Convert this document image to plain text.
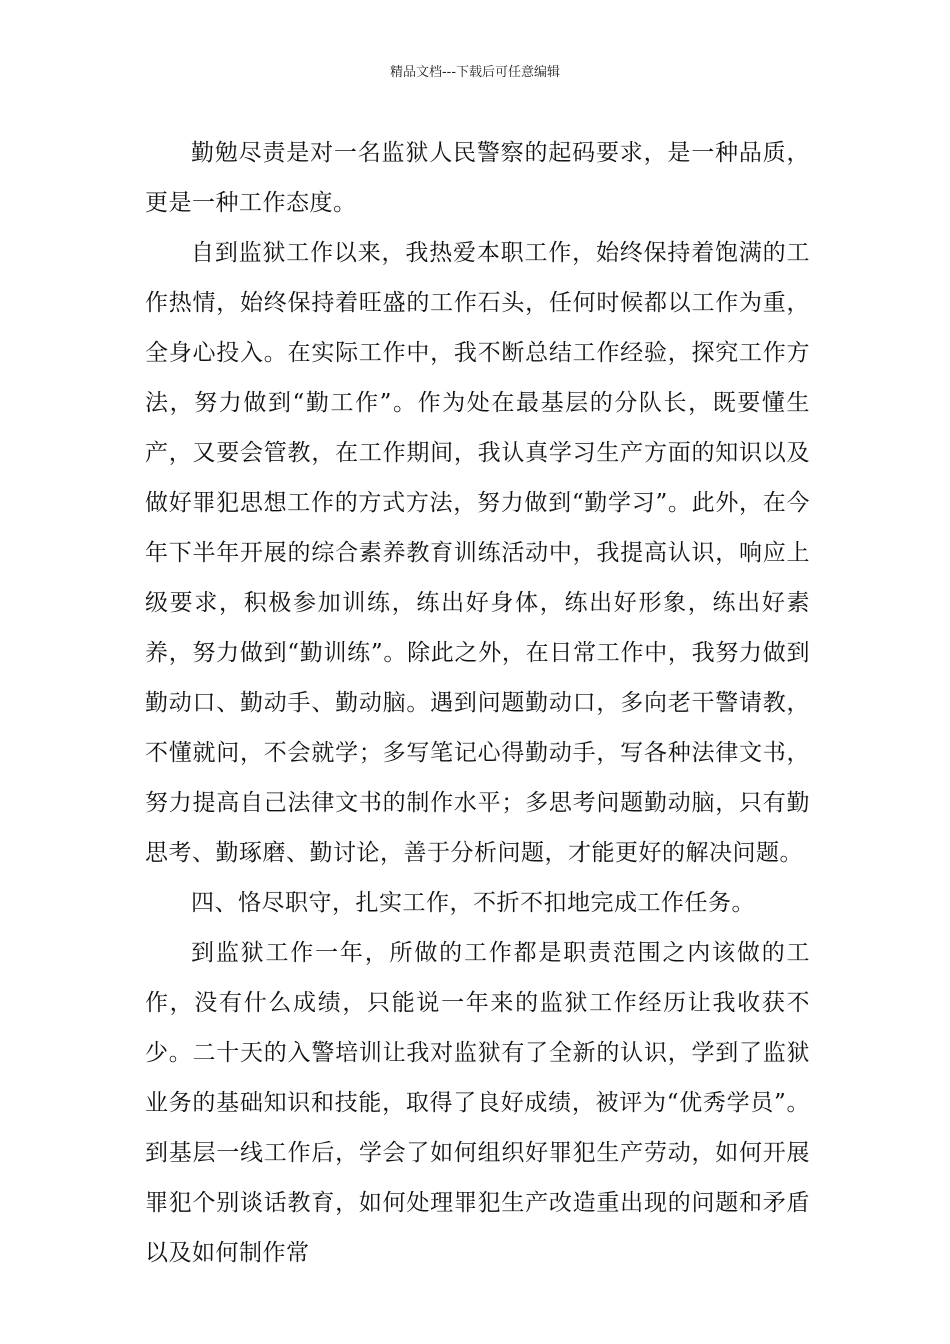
精品文档---下载后可任意编辑

勤勉尽责是对一名监狱人民警察的起码要求，是一种品质，更是一种工作态度。

自到监狱工作以来，我热爱本职工作，始终保持着饱满的工作热情，始终保持着旺盛的工作石头，任何时候都以工作为重，全身心投入。在实际工作中，我不断总结工作经验，探究工作方法，努力做到“勤工作”。作为处在最基层的分队长，既要懂生产，又要会管教，在工作期间，我认真学习生产方面的知识以及做好罪犯思想工作的方式方法，努力做到“勤学习”。此外，在今年下半年开展的综合素养教育训练活动中，我提高认识，响应上级要求，积极参加训练，练出好身体，练出好形象，练出好素养，努力做到“勤训练”。除此之外，在日常工作中，我努力做到勤动口、勤动手、勤动脑。遇到问题勤动口，多向老干警请教，不懂就问，不会就学；多写笔记心得勤动手，写各种法律文书，努力提高自己法律文书的制作水平；多思考问题勤动脑，只有勤思考、勤琢磨、勤讨论，善于分析问题，才能更好的解决问题。

四、恪尽职守，扎实工作，不折不扣地完成工作任务。

到监狱工作一年，所做的工作都是职责范围之内该做的工作，没有什么成绩，只能说一年来的监狱工作经历让我收获不少。二十天的入警培训让我对监狱有了全新的认识，学到了监狱业务的基础知识和技能，取得了良好成绩，被评为“优秀学员”。到基层一线工作后，学会了如何组织好罪犯生产劳动，如何开展罪犯个别谈话教育，如何处理罪犯生产改造重出现的问题和矛盾以及如何制作常
